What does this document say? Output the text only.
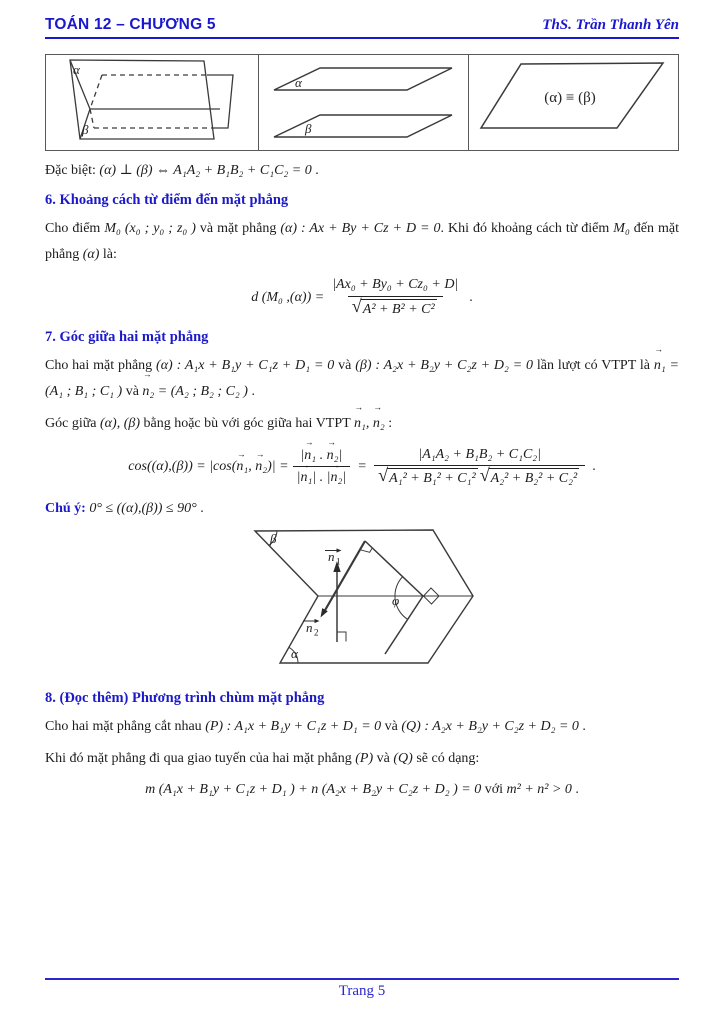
TOÁN 12 – CHƯƠNG 5	ThS. Trần Thanh Yên
α
β
α
β
(α) ≡ (β)

Đặc biệt: (α) ⊥ (β) ⇔ A₁A₂ + B₁B₂ + C₁C₂ = 0 .

6. Khoảng cách từ điểm đến mặt phẳng

Cho điểm M₀ (x₀ ; y₀ ; z₀ ) và mặt phẳng (α) : Ax + By + Cz + D = 0. Khi đó khoảng cách từ điểm M₀ đến mặt phẳng (α) là:

d (M₀ $,(\alpha)) = \frac{\text{|Ax₀ + By₀ + Cz₀ + D|}}{\text{√ A² + B² + C²}}$ .
7. Góc giữa hai mặt phẳng

Cho hai mặt phẳng (α) : A₁x + B₁y + C₁z + D₁ = 0 và (β) : A₂x + B₂y + C₂z + D₂ = 0 lần lượt có VTPT là n₁ → = (A₁ ; B₁ ; C₁ ) và n₂ → = (A₂ ; B₂ ; C₂ ) .

Góc giữa (α), (β) bằng hoặc bù với góc giữa hai VTPT n₁ →, n₂ → :

cos((α),(β)) = |cos(n₁ →, n₂ →)| = $\frac{\text{|n₁ → . n₂ →|}}{\text{| n₁ → | . | n₂ → |}}$ =
|A₁A₂ + B₁B₂ + C₁C₂|
√ A₁² + B₁² + C₁² √ A₂² + B₂² + C₂²
.

Chú ý: 0° ≤ ((α),(β)) ≤ 90° .

n 1
n 2
φ
β
α
8. (Đọc thêm) Phương trình chùm mặt phẳng

Cho hai mặt phẳng cắt nhau (P) : A₁x + B₁y + C₁z + D₁ = 0 và (Q) : A₂x + B₂y + C₂z + D₂ = 0 .

Khi đó mặt phẳng đi qua giao tuyến của hai mặt phẳng (P) và (Q) sẽ có dạng:

m (A₁x + B₁y + C₁z + D₁ ) + n (A₂x + B₂y + C₂z + D₂ ) = 0 với m² + n² > 0 .
Trang 5
